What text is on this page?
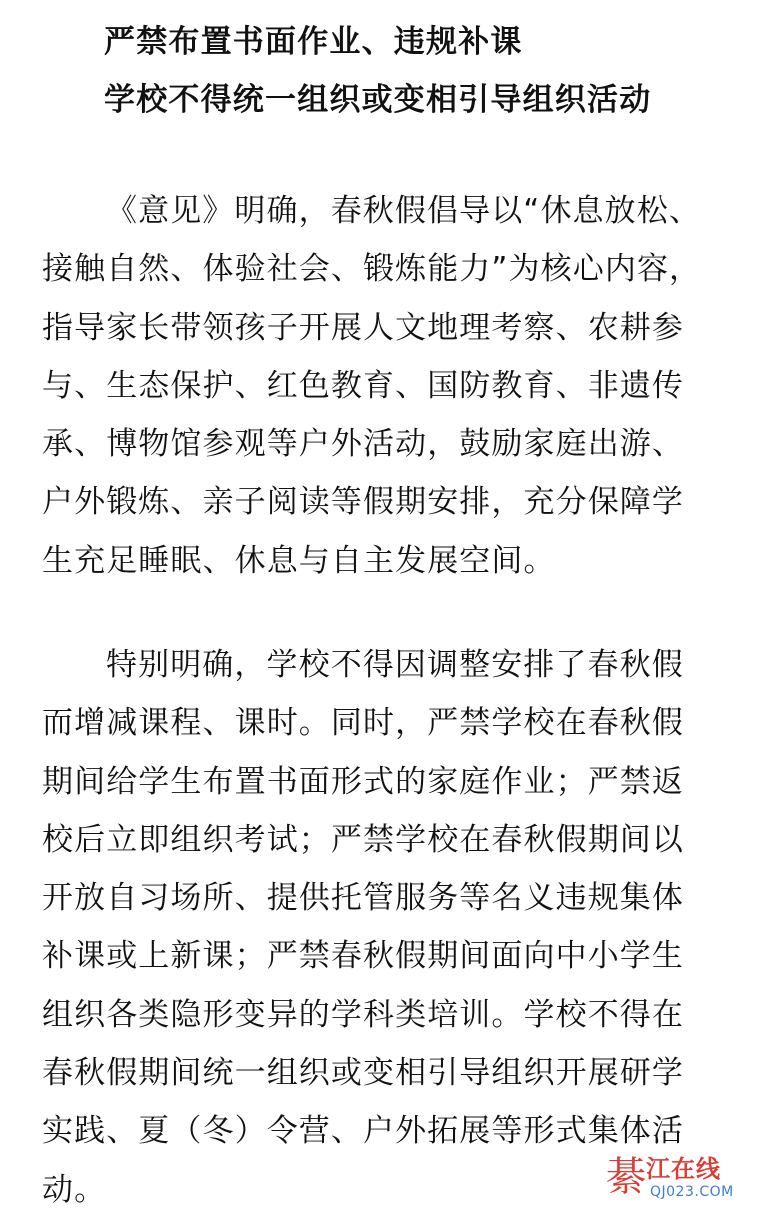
严禁布置书面作业、违规补课
学校不得统一组织或变相引导组织活动
《意见》明确，春秋假倡导以“休息放松、
接触自然、体验社会、锻炼能力”为核心内容，
指导家长带领孩子开展人文地理考察、农耕参
与、生态保护、红色教育、国防教育、非遗传
承、博物馆参观等户外活动，鼓励家庭出游、
户外锻炼、亲子阅读等假期安排，充分保障学
生充足睡眠、休息与自主发展空间。
特别明确，学校不得因调整安排了春秋假
而增减课程、课时。同时，严禁学校在春秋假
期间给学生布置书面形式的家庭作业；严禁返
校后立即组织考试；严禁学校在春秋假期间以
开放自习场所、提供托管服务等名义违规集体
补课或上新课；严禁春秋假期间面向中小学生
组织各类隐形变异的学科类培训。学校不得在
春秋假期间统一组织或变相引导组织开展研学
实践、夏（冬）令营、户外拓展等形式集体活
动。	綦 江在线
QJ023.COM
